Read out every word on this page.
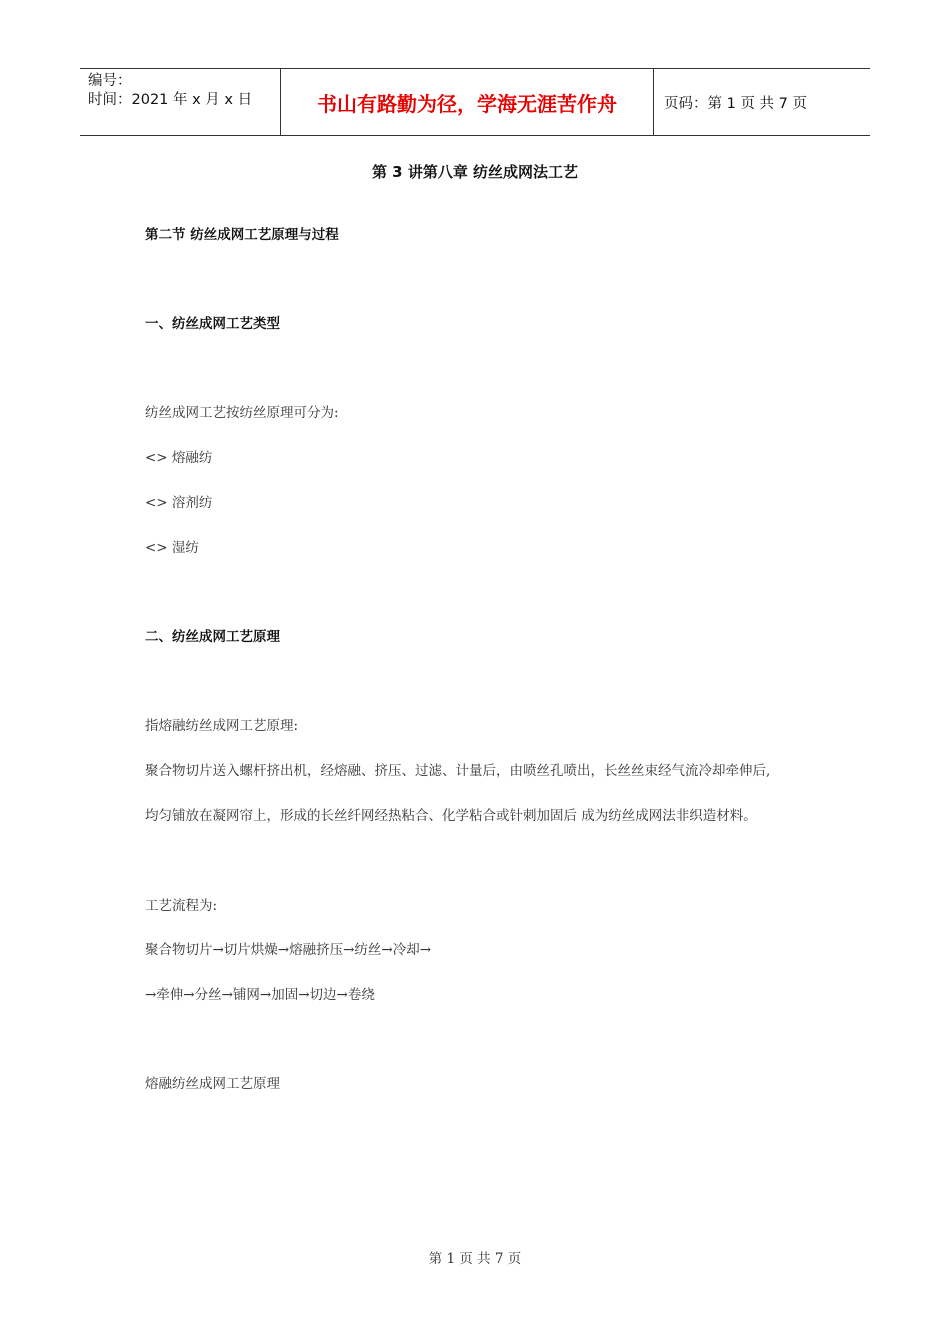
编号：
时间：2021 年 x 月 x 日	书山有路勤为径，学海无涯苦作舟	页码：第 1 页 共 7 页
第 3 讲第八章 纺丝成网法工艺
第二节 纺丝成网工艺原理与过程
一、纺丝成网工艺类型
纺丝成网工艺按纺丝原理可分为:
<> 熔融纺
<> 溶剂纺
<> 湿纺
二、纺丝成网工艺原理
指熔融纺丝成网工艺原理:
聚合物切片送入螺杆挤出机，经熔融、挤压、过滤、计量后，由喷丝孔喷出，长丝丝束经气流冷却牵伸后,
均匀铺放在凝网帘上，形成的长丝纤网经热粘合、化学粘合或针刺加固后 成为纺丝成网法非织造材料。
工艺流程为:
聚合物切片→切片烘燥→熔融挤压→纺丝→冷却→
→牵伸→分丝→铺网→加固→切边→卷绕
熔融纺丝成网工艺原理
第 1 页 共 7 页
